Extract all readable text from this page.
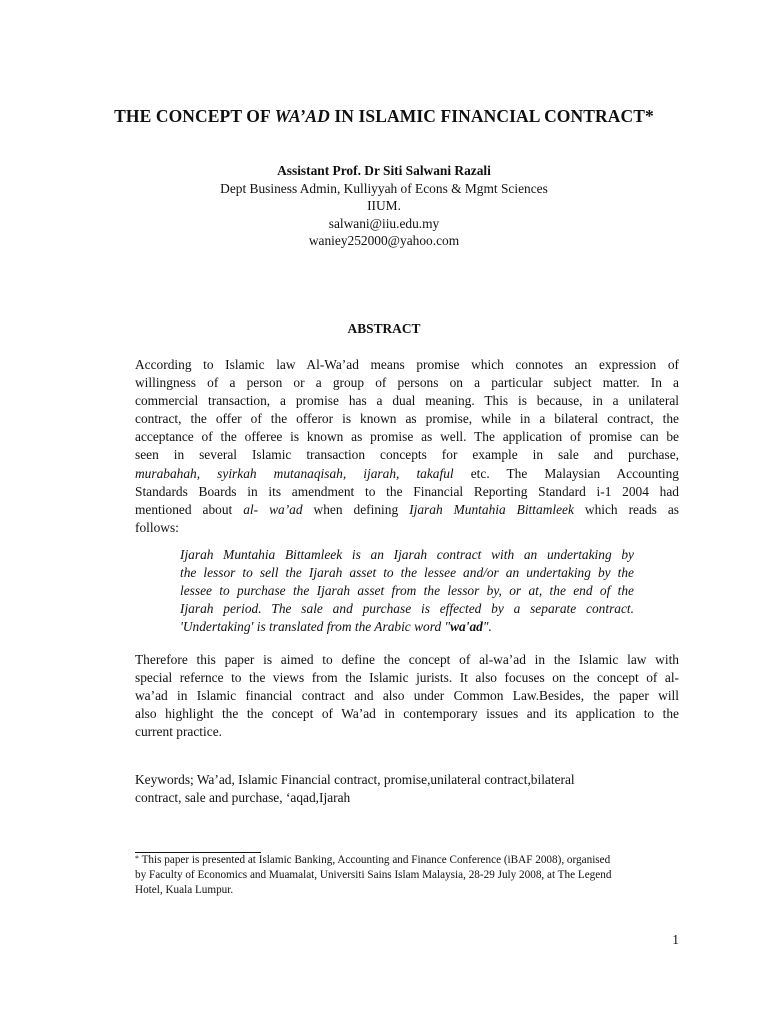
THE CONCEPT OF WA’AD IN ISLAMIC FINANCIAL CONTRACT*
Assistant Prof. Dr Siti Salwani Razali
Dept Business Admin, Kulliyyah of Econs & Mgmt Sciences
IIUM.
salwani@iiu.edu.my
waniey252000@yahoo.com
ABSTRACT
According to Islamic law Al-Wa’ad means promise which connotes an expression of
willingness of a person or a group of persons on a particular subject matter. In a
commercial transaction, a promise has a dual meaning. This is because, in a unilateral
contract, the offer of the offeror is known as promise, while in a bilateral contract, the
acceptance of the offeree is known as promise as well. The application of promise can be
seen in several Islamic transaction concepts for example in sale and purchase,
murabahah, syirkah mutanaqisah, ijarah, takaful etc. The Malaysian Accounting
Standards Boards in its amendment to the Financial Reporting Standard i-1 2004 had
mentioned about al- wa’ad when defining Ijarah Muntahia Bittamleek which reads as
follows:
Ijarah Muntahia Bittamleek is an Ijarah contract with an undertaking by
the lessor to sell the Ijarah asset to the lessee and/or an undertaking by the
lessee to purchase the Ijarah asset from the lessor by, or at, the end of the
Ijarah period. The sale and purchase is effected by a separate contract.
'Undertaking' is translated from the Arabic word "wa'ad".
Therefore this paper is aimed to define the concept of al-wa’ad in the Islamic law with
special refernce to the views from the Islamic jurists. It also focuses on the concept of al-
wa’ad in Islamic financial contract and also under Common Law.Besides, the paper will
also highlight the the concept of Wa’ad in contemporary issues and its application to the
current practice.
Keywords; Wa’ad, Islamic Financial contract, promise,unilateral contract,bilateral
contract, sale and purchase, ‘aqad,Ijarah
* This paper is presented at Islamic Banking, Accounting and Finance Conference (iBAF 2008), organised
by Faculty of Economics and Muamalat, Universiti Sains Islam Malaysia, 28-29 July 2008, at The Legend
Hotel, Kuala Lumpur.
1
